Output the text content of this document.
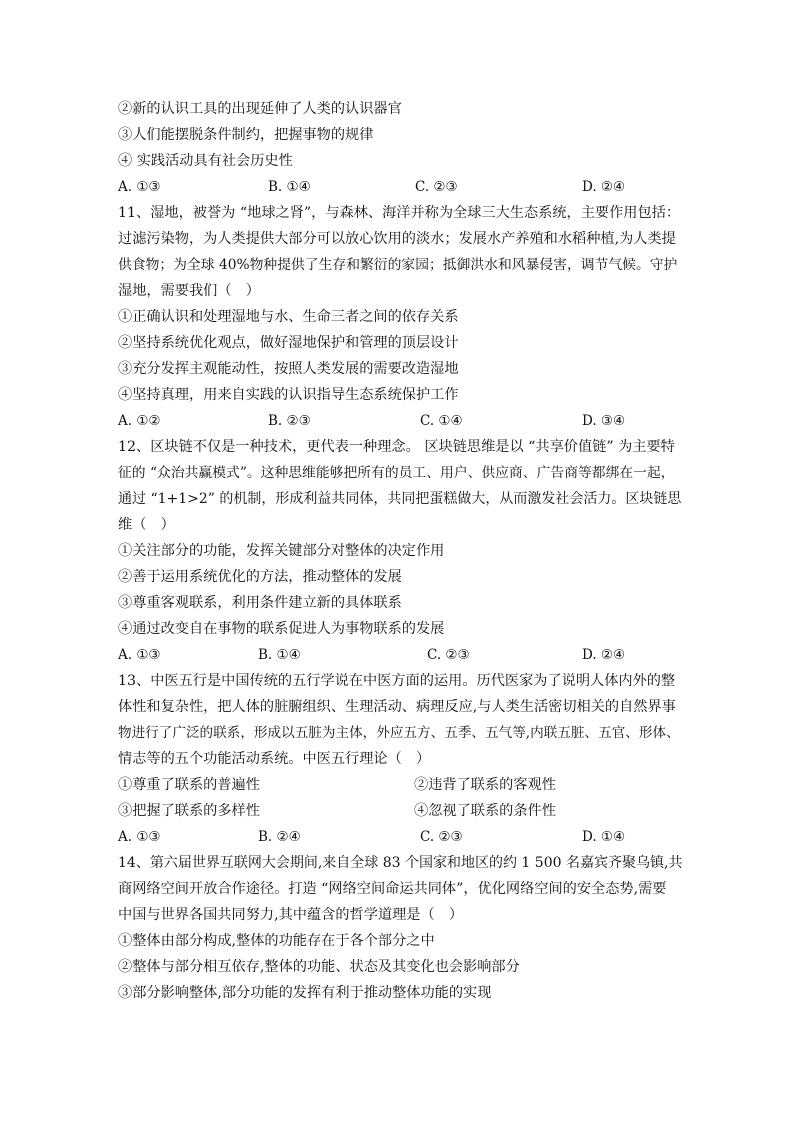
②新的认识工具的出现延伸了人类的认识器官
③人们能摆脱条件制约，把握事物的规律
④ 实践活动具有社会历史性
A. ①③	B. ①④	C. ②③	D. ②④
11、湿地，被誉为 “地球之肾”，与森林、海洋并称为全球三大生态系统，主要作用包括：
过滤污染物，为人类提供大部分可以放心饮用的淡水；发展水产养殖和水稻种植,为人类提
供食物；为全球 40%物种提供了生存和繁衍的家园；抵御洪水和风暴侵害，调节气候。守护
湿地，需要我们（　）
①正确认识和处理湿地与水、生命三者之间的依存关系
②坚持系统优化观点，做好湿地保护和管理的顶层设计
③充分发挥主观能动性，按照人类发展的需要改造湿地
④坚持真理，用来自实践的认识指导生态系统保护工作
A. ①②	B. ②③	C. ①④	D. ③④
12、区块链不仅是一种技术，更代表一种理念。 区块链思维是以 “共享价值链” 为主要特
征的 “众治共赢模式”。这种思维能够把所有的员工、用户、供应商、广告商等都绑在一起，
通过 “1+1>2” 的机制，形成利益共同体，共同把蛋糕做大，从而激发社会活力。区块链思
维（　）
①关注部分的功能，发挥关键部分对整体的决定作用
②善于运用系统优化的方法，推动整体的发展
③尊重客观联系，利用条件建立新的具体联系
④通过改变自在事物的联系促进人为事物联系的发展
A. ①③	B. ①④	C. ②③	D. ②④
13、中医五行是中国传统的五行学说在中医方面的运用。历代医家为了说明人体内外的整
体性和复杂性，把人体的脏腑组织、生理活动、病理反应,与人类生活密切相关的自然界事
物进行了广泛的联系，形成以五脏为主体，外应五方、五季、五气等,内联五脏、五官、形体、
情志等的五个功能活动系统。中医五行理论（　）
①尊重了联系的普遍性	②违背了联系的客观性
③把握了联系的多样性	④忽视了联系的条件性
A. ①③	B. ②④	C. ②③	D. ①④
14、第六届世界互联网大会期间,来自全球 83 个国家和地区的约 1 500 名嘉宾齐聚乌镇,共
商网络空间开放合作途径。打造 “网络空间命运共同体”，优化网络空间的安全态势,需要
中国与世界各国共同努力,其中蕴含的哲学道理是（　）
①整体由部分构成,整体的功能存在于各个部分之中
②整体与部分相互依存,整体的功能、状态及其变化也会影响部分
③部分影响整体,部分功能的发挥有利于推动整体功能的实现
